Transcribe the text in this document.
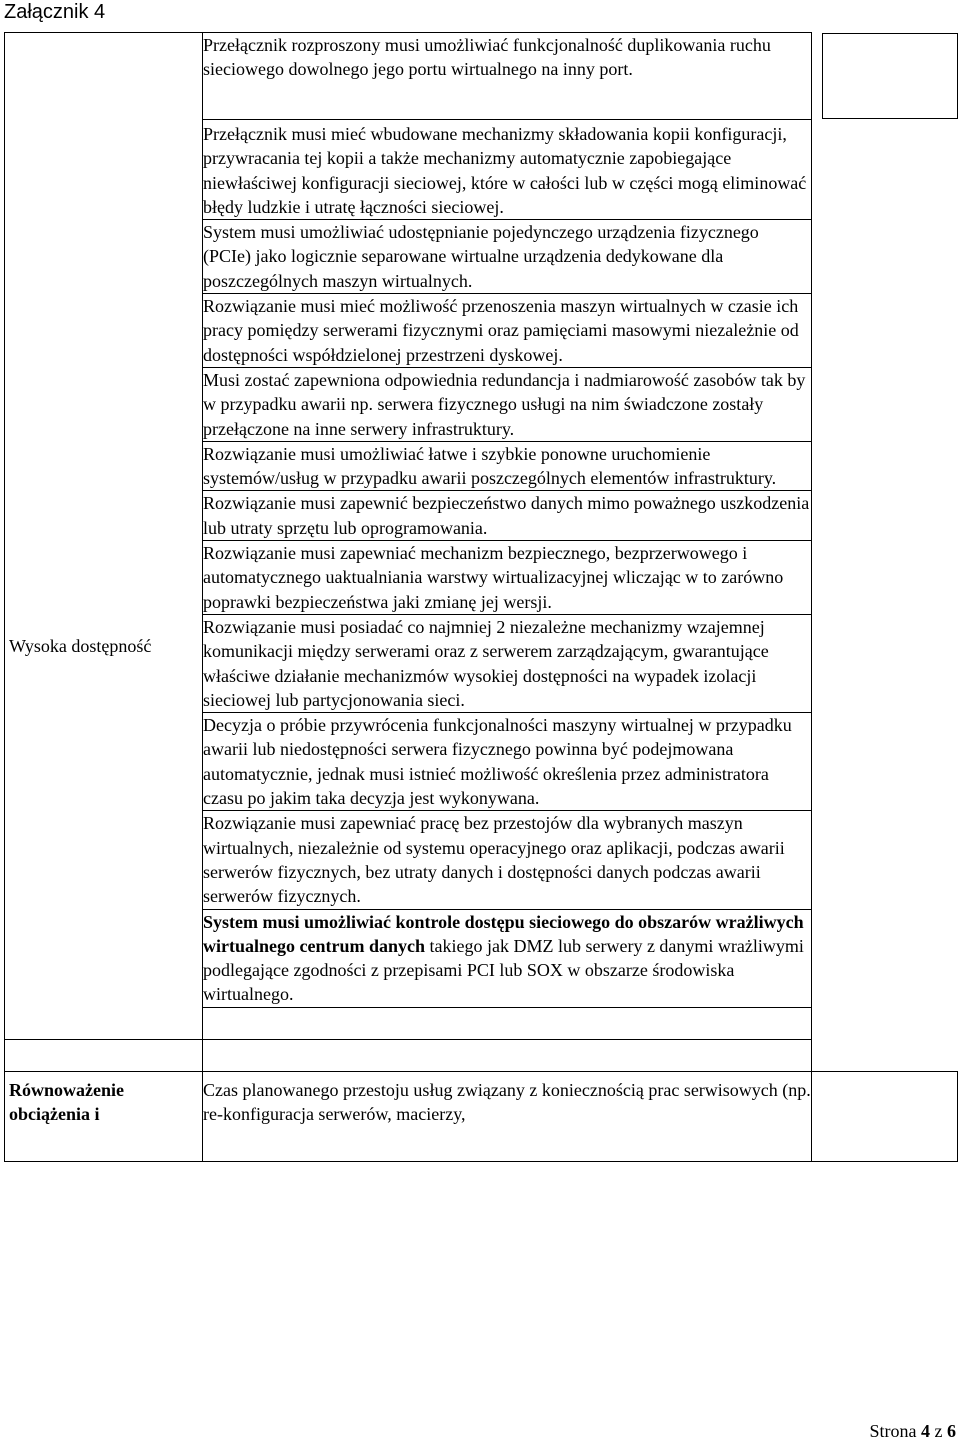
Załącznik 4
Wysoka dostępność	Przełącznik rozproszony musi umożliwiać funkcjonalność duplikowania ruchu sieciowego dowolnego jego portu wirtualnego na inny port.	

	Przełącznik musi mieć wbudowane mechanizmy składowania kopii konfiguracji, przywracania tej kopii a także mechanizmy automatycznie zapobiegające niewłaściwej konfiguracji sieciowej, które w całości lub w części mogą eliminować błędy ludzkie i utratę łączności sieciowej.	

	System musi umożliwiać udostępnianie pojedynczego urządzenia fizycznego (PCIe) jako logicznie separowane wirtualne urządzenia dedykowane dla poszczególnych maszyn wirtualnych.	

	Rozwiązanie musi mieć możliwość przenoszenia maszyn wirtualnych w czasie ich pracy pomiędzy serwerami fizycznymi oraz pamięciami masowymi niezależnie od dostępności współdzielonej przestrzeni dyskowej.	

	Musi zostać zapewniona odpowiednia redundancja i nadmiarowość zasobów tak by w przypadku awarii np. serwera fizycznego usługi na nim świadczone zostały przełączone na inne serwery infrastruktury.	

	Rozwiązanie musi umożliwiać łatwe i szybkie ponowne uruchomienie systemów/usług w przypadku awarii poszczególnych elementów infrastruktury.	

	Rozwiązanie musi zapewnić bezpieczeństwo danych mimo poważnego uszkodzenia lub utraty sprzętu lub oprogramowania.	

	Rozwiązanie musi zapewniać mechanizm bezpiecznego, bezprzerwowego i automatycznego uaktualniania warstwy wirtualizacyjnej wliczając w to zarówno poprawki bezpieczeństwa jaki zmianę jej wersji.	

	Rozwiązanie musi posiadać co najmniej 2 niezależne mechanizmy wzajemnej komunikacji między serwerami oraz z serwerem zarządzającym, gwarantujące właściwe działanie mechanizmów wysokiej dostępności na wypadek izolacji sieciowej lub partycjonowania sieci.	

	Decyzja o próbie przywrócenia funkcjonalności maszyny wirtualnej w przypadku awarii lub niedostępności serwera fizycznego powinna być podejmowana automatycznie, jednak musi istnieć możliwość określenia przez administratora czasu po jakim taka decyzja jest wykonywana.	

	Rozwiązanie musi zapewniać pracę bez przestojów dla wybranych maszyn wirtualnych, niezależnie od systemu operacyjnego oraz aplikacji, podczas awarii serwerów fizycznych, bez utraty danych i dostępności danych podczas awarii serwerów fizycznych.	

	System musi umożliwiać kontrole dostępu sieciowego do obszarów wrażliwych wirtualnego centrum danych takiego jak DMZ lub serwery z danymi wrażliwymi podlegające zgodności z przepisami PCI lub SOX w obszarze środowiska wirtualnego.	

Równoważenie obciążenia i	Czas planowanego przestoju usług związany z koniecznością prac serwisowych (np. re-konfiguracja serwerów, macierzy,	

Strona 4 z 6
